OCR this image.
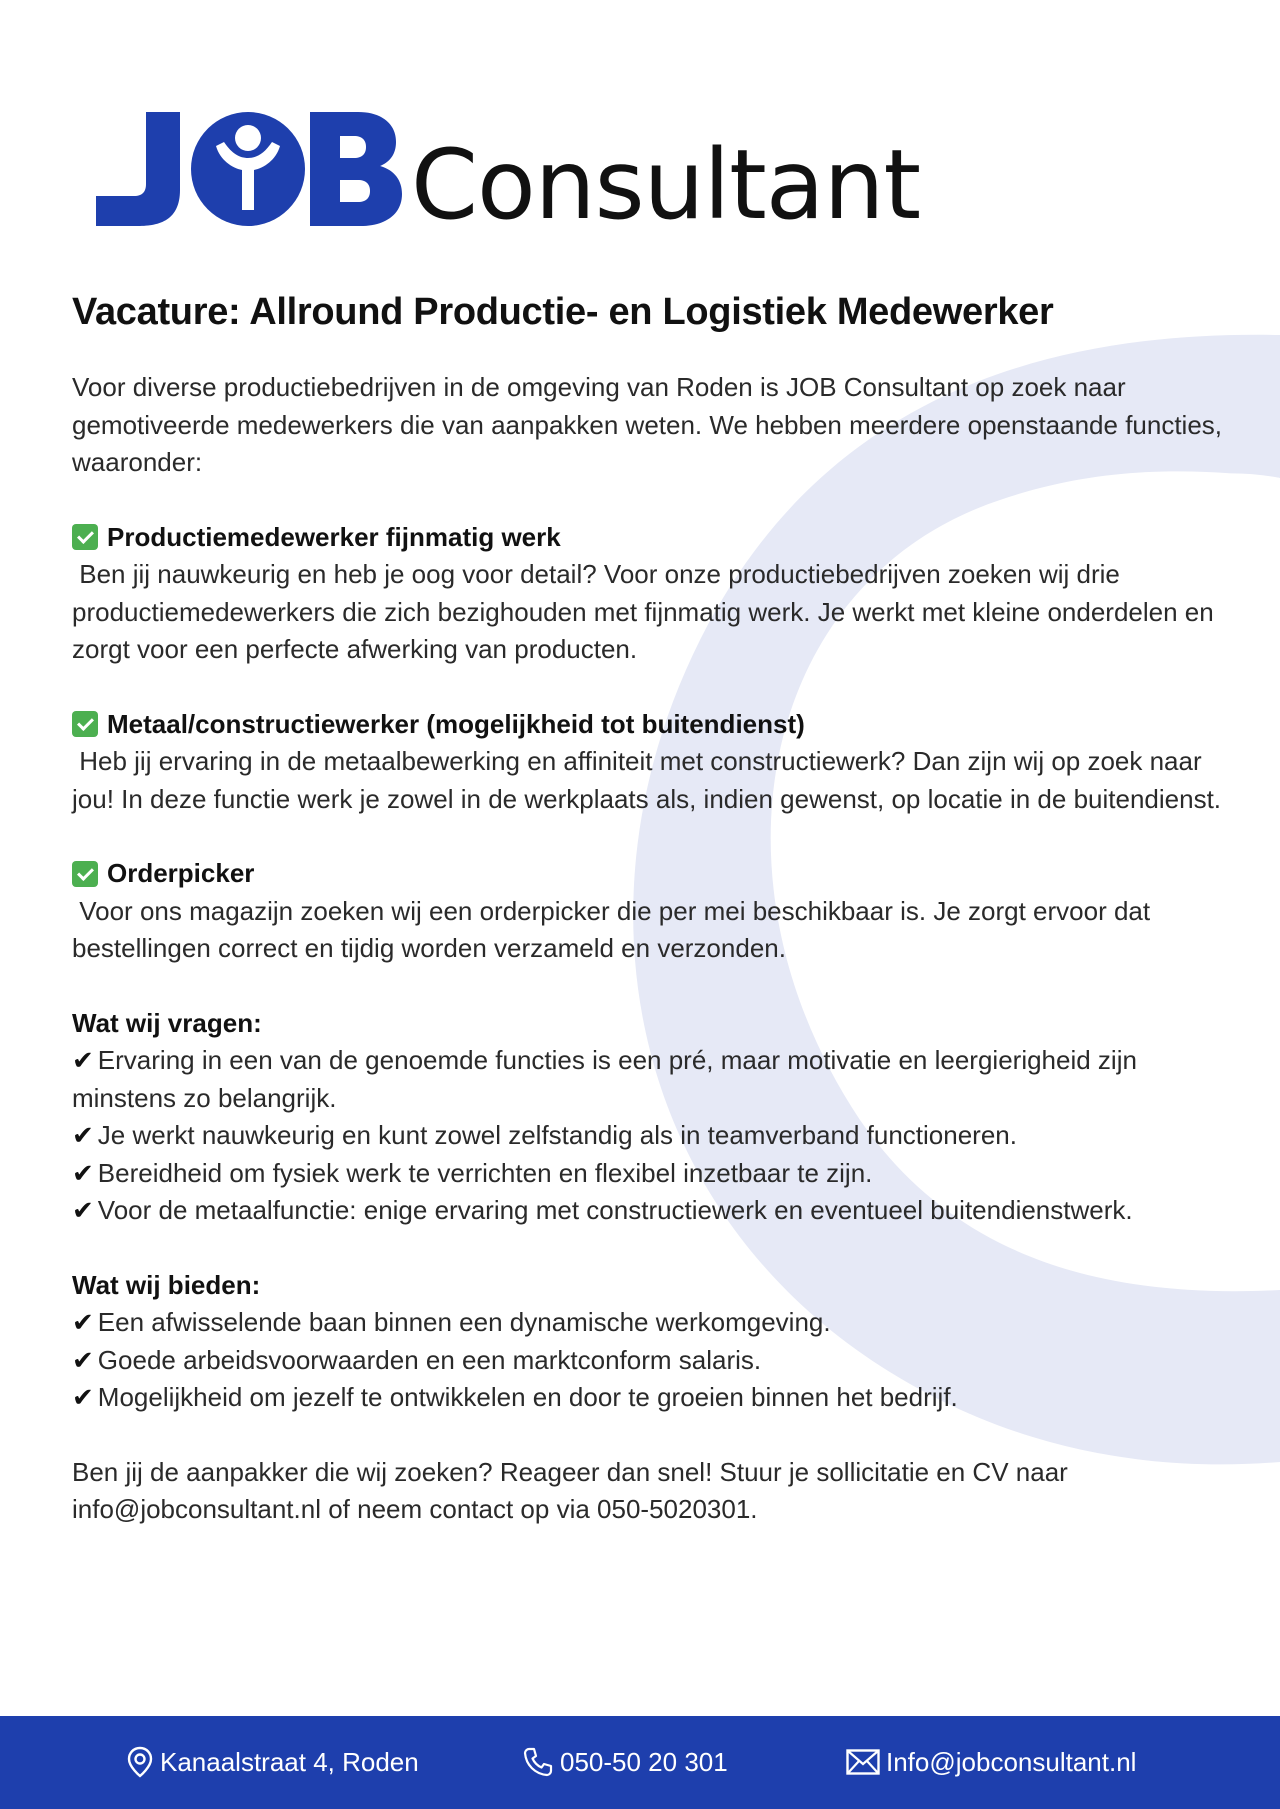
Consultant
Vacature: Allround Productie- en Logistiek Medewerker

Voor diverse productiebedrijven in de omgeving van Roden is JOB Consultant op zoek naar gemotiveerde medewerkers die van aanpakken weten. We hebben meerdere openstaande functies, waaronder:

Productiemedewerker fijnmatig werk

Ben jij nauwkeurig en heb je oog voor detail? Voor onze productiebedrijven zoeken wij drie productiemedewerkers die zich bezighouden met fijnmatig werk. Je werkt met kleine onderdelen en zorgt voor een perfecte afwerking van producten.

Metaal/constructiewerker (mogelijkheid tot buitendienst)

Heb jij ervaring in de metaalbewerking en affiniteit met constructiewerk? Dan zijn wij op zoek naar jou! In deze functie werk je zowel in de werkplaats als, indien gewenst, op locatie in de buitendienst.

Orderpicker

Voor ons magazijn zoeken wij een orderpicker die per mei beschikbaar is. Je zorgt ervoor dat bestellingen correct en tijdig worden verzameld en verzonden.

Wat wij vragen:

✔ Ervaring in een van de genoemde functies is een pré, maar motivatie en leergierigheid zijn minstens zo belangrijk.

✔ Je werkt nauwkeurig en kunt zowel zelfstandig als in teamverband functioneren.

✔ Bereidheid om fysiek werk te verrichten en flexibel inzetbaar te zijn.

✔ Voor de metaalfunctie: enige ervaring met constructiewerk en eventueel buitendienstwerk.

Wat wij bieden:

✔ Een afwisselende baan binnen een dynamische werkomgeving.

✔ Goede arbeidsvoorwaarden en een marktconform salaris.

✔ Mogelijkheid om jezelf te ontwikkelen en door te groeien binnen het bedrijf.

Ben jij de aanpakker die wij zoeken? Reageer dan snel! Stuur je sollicitatie en CV naar info@jobconsultant.nl of neem contact op via 050-5020301.

Kanaalstraat 4, Roden	050-50 20 301	Info@jobconsultant.nl
